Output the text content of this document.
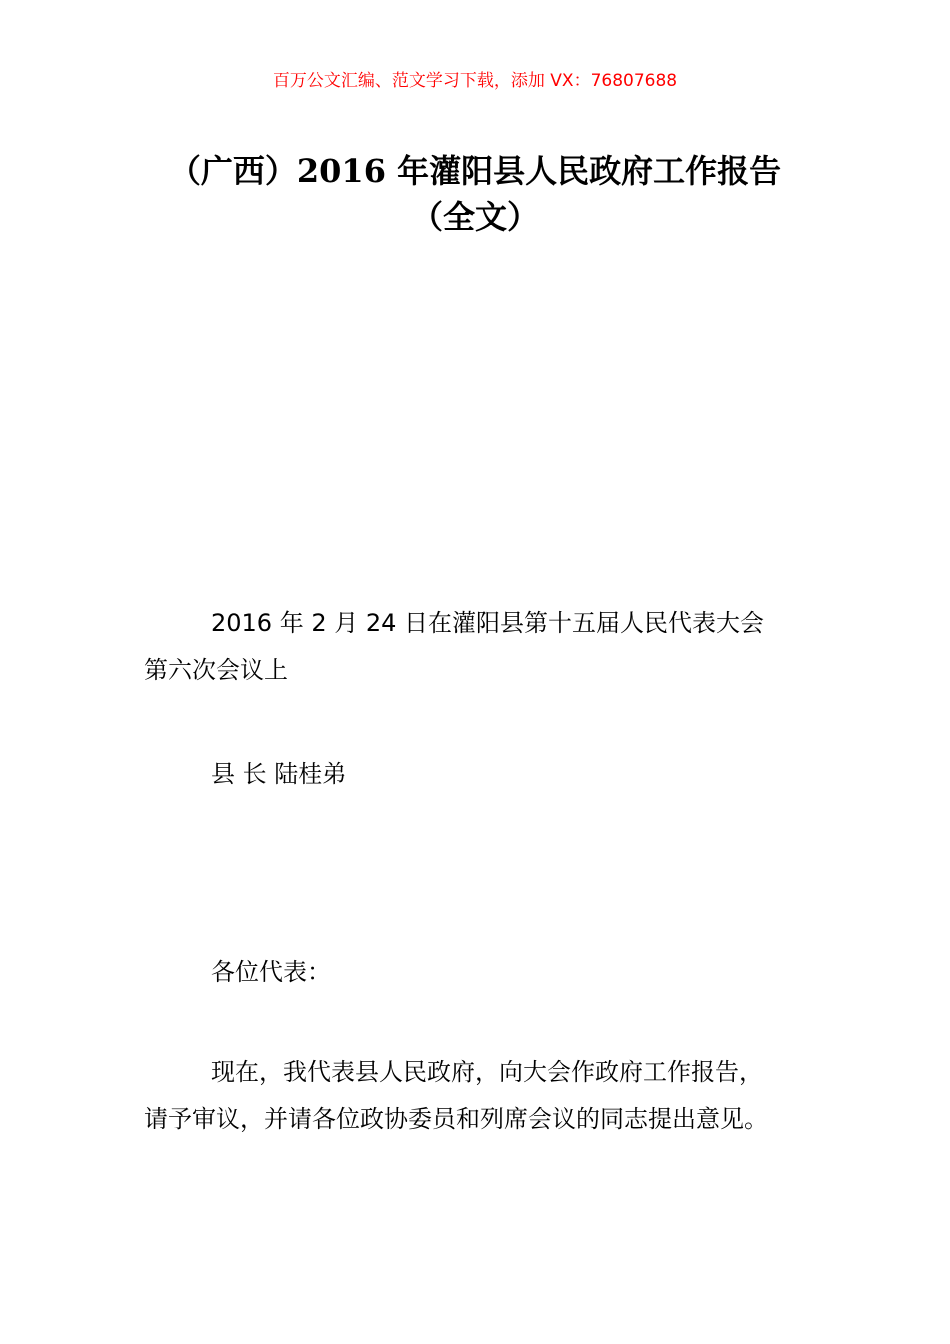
百万公文汇编、范文学习下载，添加 VX：76807688
（广西）2016 年灌阳县人民政府工作报告
（全文）
2016 年 2 月 24 日在灌阳县第十五届人民代表大会
第六次会议上
县 长 陆桂弟
各位代表：
现在，我代表县人民政府，向大会作政府工作报告，
请予审议，并请各位政协委员和列席会议的同志提出意见。
